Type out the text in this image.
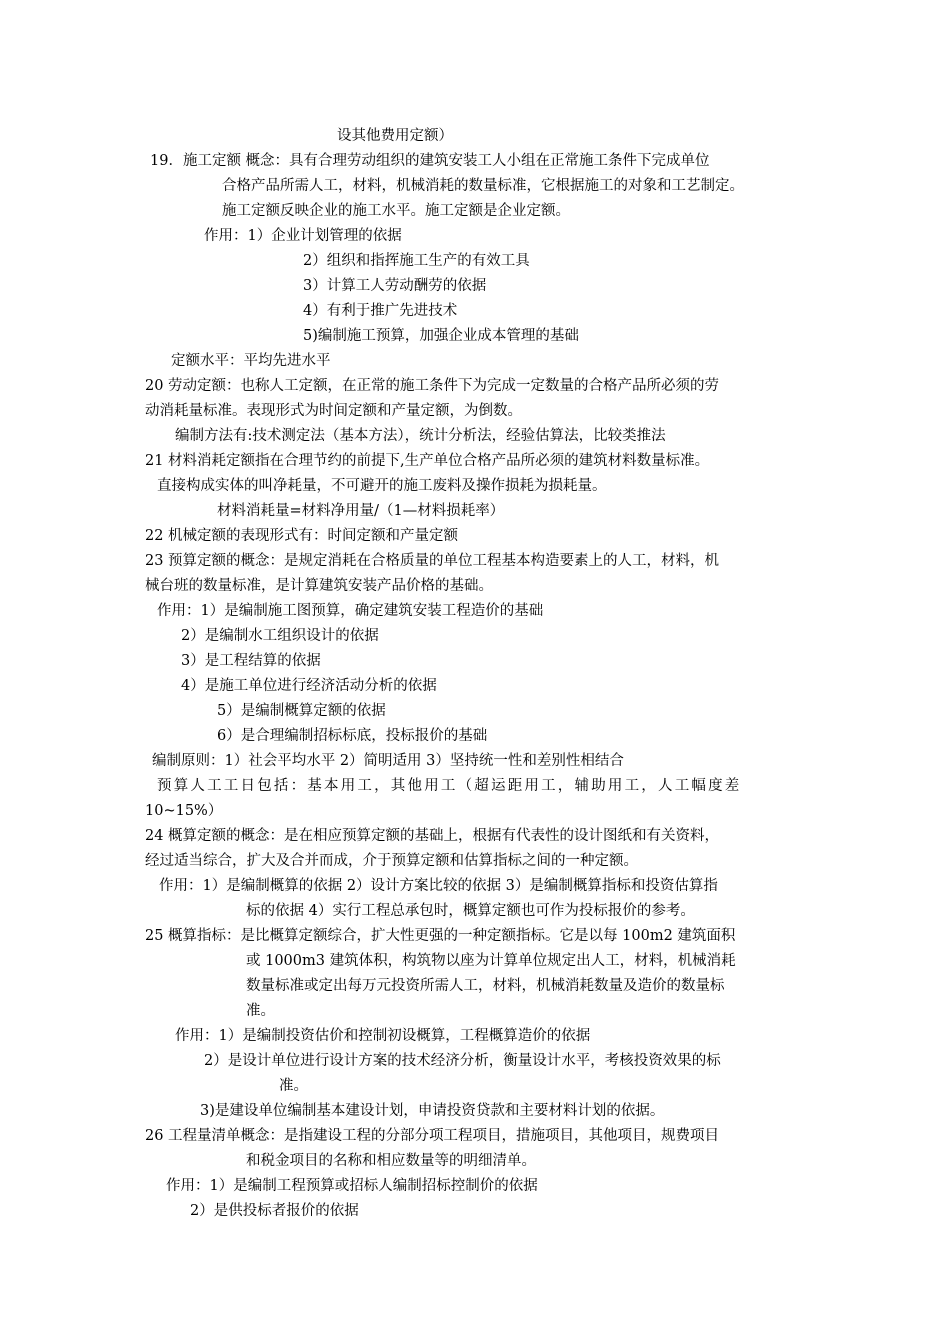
设其他费用定额）
19．施工定额 概念：具有合理劳动组织的建筑安装工人小组在正常施工条件下完成单位
合格产品所需人工，材料，机械消耗的数量标准，它根据施工的对象和工艺制定。
施工定额反映企业的施工水平。施工定额是企业定额。
作用：1）企业计划管理的依据
2）组织和指挥施工生产的有效工具
3）计算工人劳动酬劳的依据
4）有利于推广先进技术
5)编制施工预算，加强企业成本管理的基础
定额水平：平均先进水平
20 劳动定额：也称人工定额，在正常的施工条件下为完成一定数量的合格产品所必须的劳
动消耗量标准。表现形式为时间定额和产量定额，为倒数。
编制方法有:技术测定法（基本方法），统计分析法，经验估算法，比较类推法
21 材料消耗定额指在合理节约的前提下,生产单位合格产品所必须的建筑材料数量标准。
直接构成实体的叫净耗量，不可避开的施工废料及操作损耗为损耗量。
材料消耗量=材料净用量/（1—材料损耗率）
22 机械定额的表现形式有：时间定额和产量定额
23 预算定额的概念：是规定消耗在合格质量的单位工程基本构造要素上的人工，材料，机
械台班的数量标准，是计算建筑安装产品价格的基础。
作用：1）是编制施工图预算，确定建筑安装工程造价的基础
2）是编制水工组织设计的依据
3）是工程结算的依据
4）是施工单位进行经济活动分析的依据
5）是编制概算定额的依据
6）是合理编制招标标底，投标报价的基础
编制原则：1）社会平均水平 2）简明适用 3）坚持统一性和差别性相结合
预算人工工日包括：基本用工，其他用工（超运距用工，辅助用工，人工幅度差
10~15%）
24 概算定额的概念：是在相应预算定额的基础上，根据有代表性的设计图纸和有关资料，
经过适当综合，扩大及合并而成，介于预算定额和估算指标之间的一种定额。
作用：1）是编制概算的依据 2）设计方案比较的依据 3）是编制概算指标和投资估算指
标的依据 4）实行工程总承包时，概算定额也可作为投标报价的参考。
25 概算指标：是比概算定额综合，扩大性更强的一种定额指标。它是以每 100m2 建筑面积
或 1000m3 建筑体积，构筑物以座为计算单位规定出人工，材料，机械消耗
数量标准或定出每万元投资所需人工，材料，机械消耗数量及造价的数量标
准。
作用：1）是编制投资估价和控制初设概算，工程概算造价的依据
2）是设计单位进行设计方案的技术经济分析，衡量设计水平，考核投资效果的标
准。
3)是建设单位编制基本建设计划，申请投资贷款和主要材料计划的依据。
26 工程量清单概念：是指建设工程的分部分项工程项目，措施项目，其他项目，规费项目
和税金项目的名称和相应数量等的明细清单。
作用：1）是编制工程预算或招标人编制招标控制价的依据
2）是供投标者报价的依据
